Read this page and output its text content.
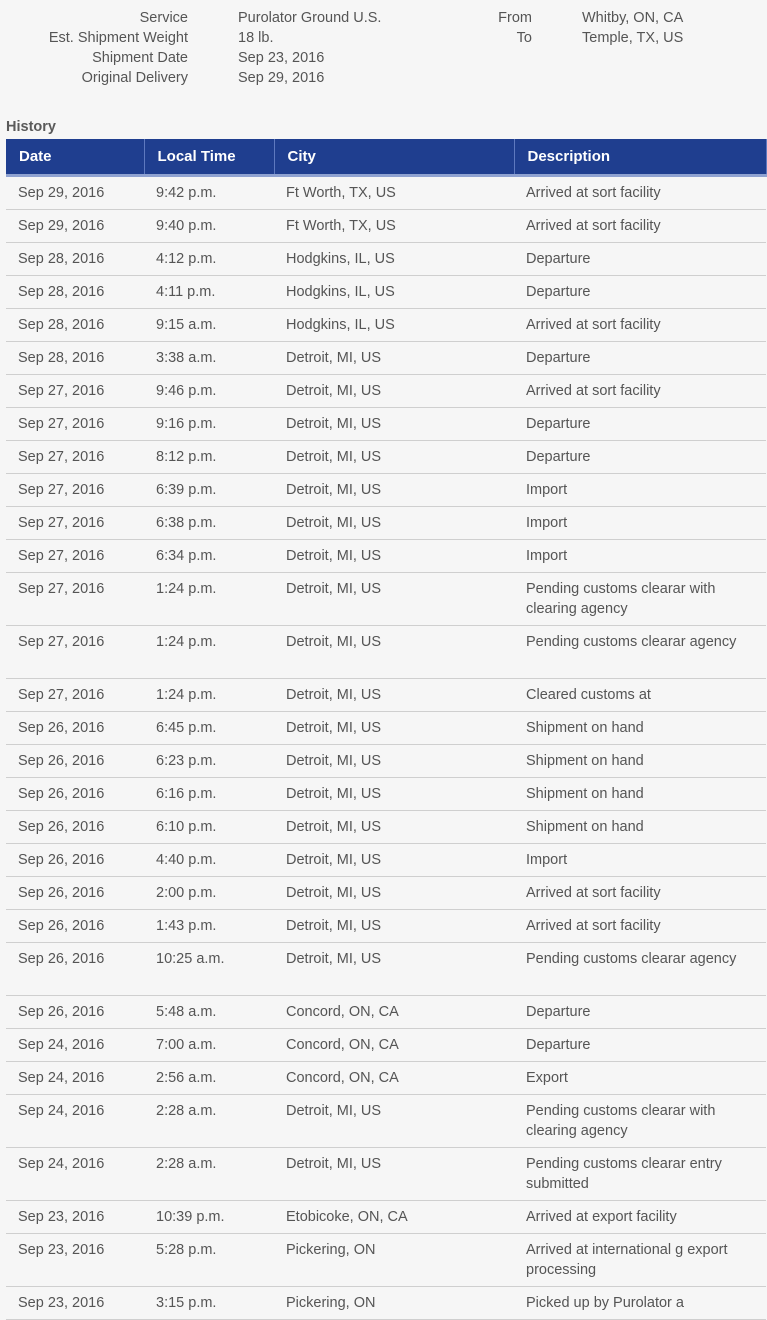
Service	Purolator Ground U.S.	From	Whitby, ON, CA
Est. Shipment Weight	18 lb.	To	Temple, TX, US
Shipment Date	Sep 23, 2016
Original Delivery	Sep 29, 2016
History
Date	Local Time	City	Description
Sep 29, 2016	9:42 p.m.	Ft Worth, TX, US	Arrived at sort facility
Sep 29, 2016	9:40 p.m.	Ft Worth, TX, US	Arrived at sort facility
Sep 28, 2016	4:12 p.m.	Hodgkins, IL, US	Departure
Sep 28, 2016	4:11 p.m.	Hodgkins, IL, US	Departure
Sep 28, 2016	9:15 a.m.	Hodgkins, IL, US	Arrived at sort facility
Sep 28, 2016	3:38 a.m.	Detroit, MI, US	Departure
Sep 27, 2016	9:46 p.m.	Detroit, MI, US	Arrived at sort facility
Sep 27, 2016	9:16 p.m.	Detroit, MI, US	Departure
Sep 27, 2016	8:12 p.m.	Detroit, MI, US	Departure
Sep 27, 2016	6:39 p.m.	Detroit, MI, US	Import
Sep 27, 2016	6:38 p.m.	Detroit, MI, US	Import
Sep 27, 2016	6:34 p.m.	Detroit, MI, US	Import
Sep 27, 2016	1:24 p.m.	Detroit, MI, US	Pending customs clearar with clearing agency
Sep 27, 2016	1:24 p.m.	Detroit, MI, US	Pending customs clearar agency
Sep 27, 2016	1:24 p.m.	Detroit, MI, US	Cleared customs at
Sep 26, 2016	6:45 p.m.	Detroit, MI, US	Shipment on hand
Sep 26, 2016	6:23 p.m.	Detroit, MI, US	Shipment on hand
Sep 26, 2016	6:16 p.m.	Detroit, MI, US	Shipment on hand
Sep 26, 2016	6:10 p.m.	Detroit, MI, US	Shipment on hand
Sep 26, 2016	4:40 p.m.	Detroit, MI, US	Import
Sep 26, 2016	2:00 p.m.	Detroit, MI, US	Arrived at sort facility
Sep 26, 2016	1:43 p.m.	Detroit, MI, US	Arrived at sort facility
Sep 26, 2016	10:25 a.m.	Detroit, MI, US	Pending customs clearar agency
Sep 26, 2016	5:48 a.m.	Concord, ON, CA	Departure
Sep 24, 2016	7:00 a.m.	Concord, ON, CA	Departure
Sep 24, 2016	2:56 a.m.	Concord, ON, CA	Export
Sep 24, 2016	2:28 a.m.	Detroit, MI, US	Pending customs clearar with clearing agency
Sep 24, 2016	2:28 a.m.	Detroit, MI, US	Pending customs clearar entry submitted
Sep 23, 2016	10:39 p.m.	Etobicoke, ON, CA	Arrived at export facility
Sep 23, 2016	5:28 p.m.	Pickering, ON	Arrived at international g export processing
Sep 23, 2016	3:15 p.m.	Pickering, ON	Picked up by Purolator a
